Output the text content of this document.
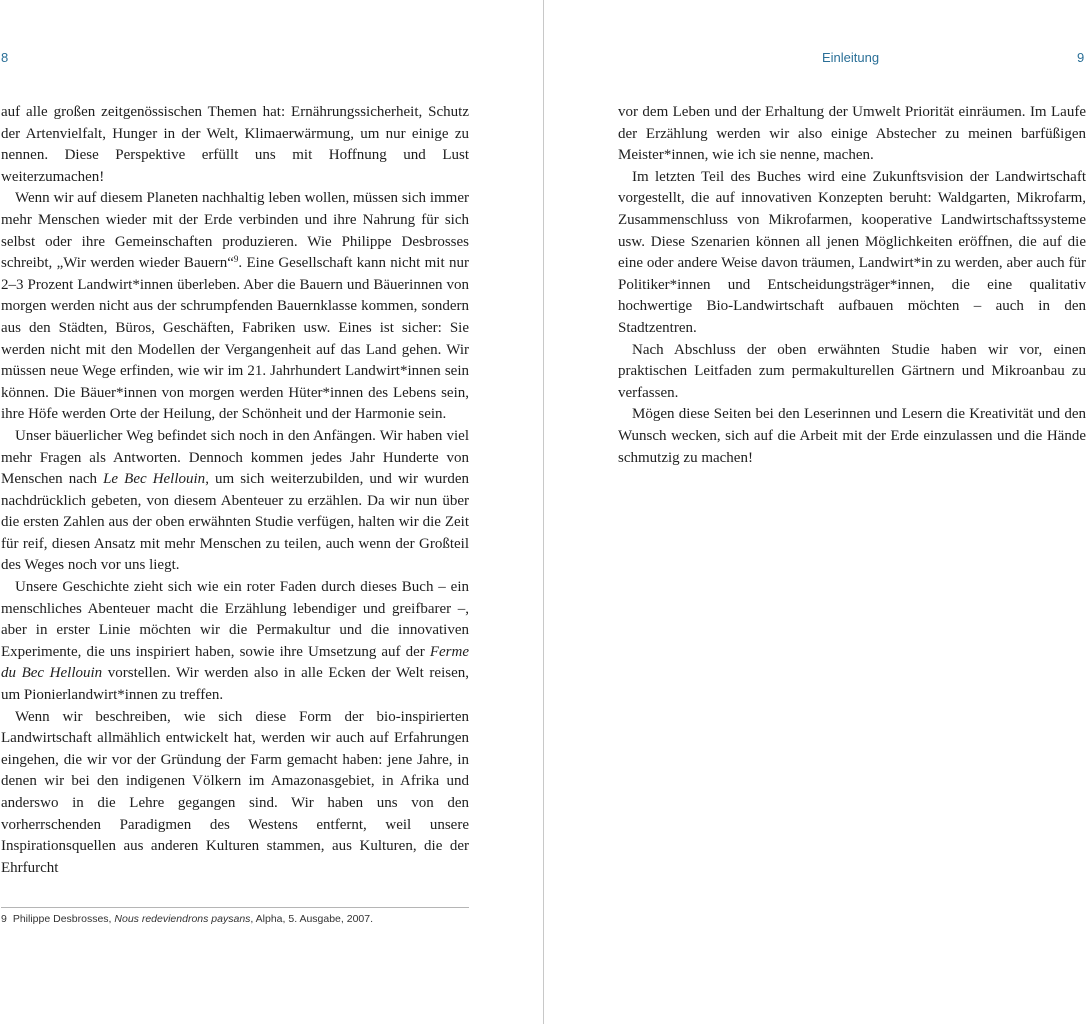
8

auf alle großen zeitgenössischen Themen hat: Ernährungssicherheit, Schutz der Artenvielfalt, Hunger in der Welt, Klimaerwärmung, um nur einige zu nennen. Diese Perspektive erfüllt uns mit Hoffnung und Lust weiterzumachen!

Wenn wir auf diesem Planeten nachhaltig leben wollen, müssen sich immer mehr Menschen wieder mit der Erde verbinden und ihre Nahrung für sich selbst oder ihre Gemeinschaften produzieren. Wie Philippe Desbrosses schreibt, „Wir werden wieder Bauern“$^9$. Eine Gesellschaft kann nicht mit nur 2–3 Prozent Landwirt*innen überleben. Aber die Bauern und Bäuerinnen von morgen werden nicht aus der schrumpfenden Bauernklasse kommen, sondern aus den Städten, Büros, Geschäften, Fabriken usw. Eines ist sicher: Sie werden nicht mit den Modellen der Vergangenheit auf das Land gehen. Wir müssen neue Wege erfinden, wie wir im 21. Jahrhundert Landwirt*innen sein können. Die Bäuer*innen von morgen werden Hüter*innen des Lebens sein, ihre Höfe werden Orte der Heilung, der Schönheit und der Harmonie sein.

Unser bäuerlicher Weg befindet sich noch in den Anfängen. Wir haben viel mehr Fragen als Antworten. Dennoch kommen jedes Jahr Hunderte von Menschen nach Le Bec Hellouin, um sich weiterzubilden, und wir wurden nachdrücklich gebeten, von diesem Abenteuer zu erzählen. Da wir nun über die ersten Zahlen aus der oben erwähnten Studie verfügen, halten wir die Zeit für reif, diesen Ansatz mit mehr Menschen zu teilen, auch wenn der Großteil des Weges noch vor uns liegt.

Unsere Geschichte zieht sich wie ein roter Faden durch dieses Buch – ein menschliches Abenteuer macht die Erzählung lebendiger und greifbarer –, aber in erster Linie möchten wir die Permakultur und die innovativen Experimente, die uns inspiriert haben, sowie ihre Umsetzung auf der Ferme du Bec Hellouin vorstellen. Wir werden also in alle Ecken der Welt reisen, um Pionierlandwirt*innen zu treffen.

Wenn wir beschreiben, wie sich diese Form der bio-inspirierten Landwirtschaft allmählich entwickelt hat, werden wir auch auf Erfahrungen eingehen, die wir vor der Gründung der Farm gemacht haben: jene Jahre, in denen wir bei den indigenen Völkern im Amazonasgebiet, in Afrika und anderswo in die Lehre gegangen sind. Wir haben uns von den vorherrschenden Paradigmen des Westens entfernt, weil unsere Inspirationsquellen aus anderen Kulturen stammen, aus Kulturen, die der Ehrfurcht

9 Philippe Desbrosses, Nous redeviendrons paysans, Alpha, 5. Ausgabe, 2007.
Einleitung	9

vor dem Leben und der Erhaltung der Umwelt Priorität einräumen. Im Laufe der Erzählung werden wir also einige Abstecher zu meinen barfüßigen Meister*innen, wie ich sie nenne, machen.

Im letzten Teil des Buches wird eine Zukunftsvision der Landwirtschaft vorgestellt, die auf innovativen Konzepten beruht: Waldgarten, Mikrofarm, Zusammenschluss von Mikrofarmen, kooperative Landwirtschaftssysteme usw. Diese Szenarien können all jenen Möglichkeiten eröffnen, die auf die eine oder andere Weise davon träumen, Landwirt*in zu werden, aber auch für Politiker*innen und Entscheidungsträger*innen, die eine qualitativ hochwertige Bio-Landwirtschaft aufbauen möchten – auch in den Stadtzentren.

Nach Abschluss der oben erwähnten Studie haben wir vor, einen praktischen Leitfaden zum permakulturellen Gärtnern und Mikroanbau zu verfassen.

Mögen diese Seiten bei den Leserinnen und Lesern die Kreativität und den Wunsch wecken, sich auf die Arbeit mit der Erde einzulassen und die Hände schmutzig zu machen!
